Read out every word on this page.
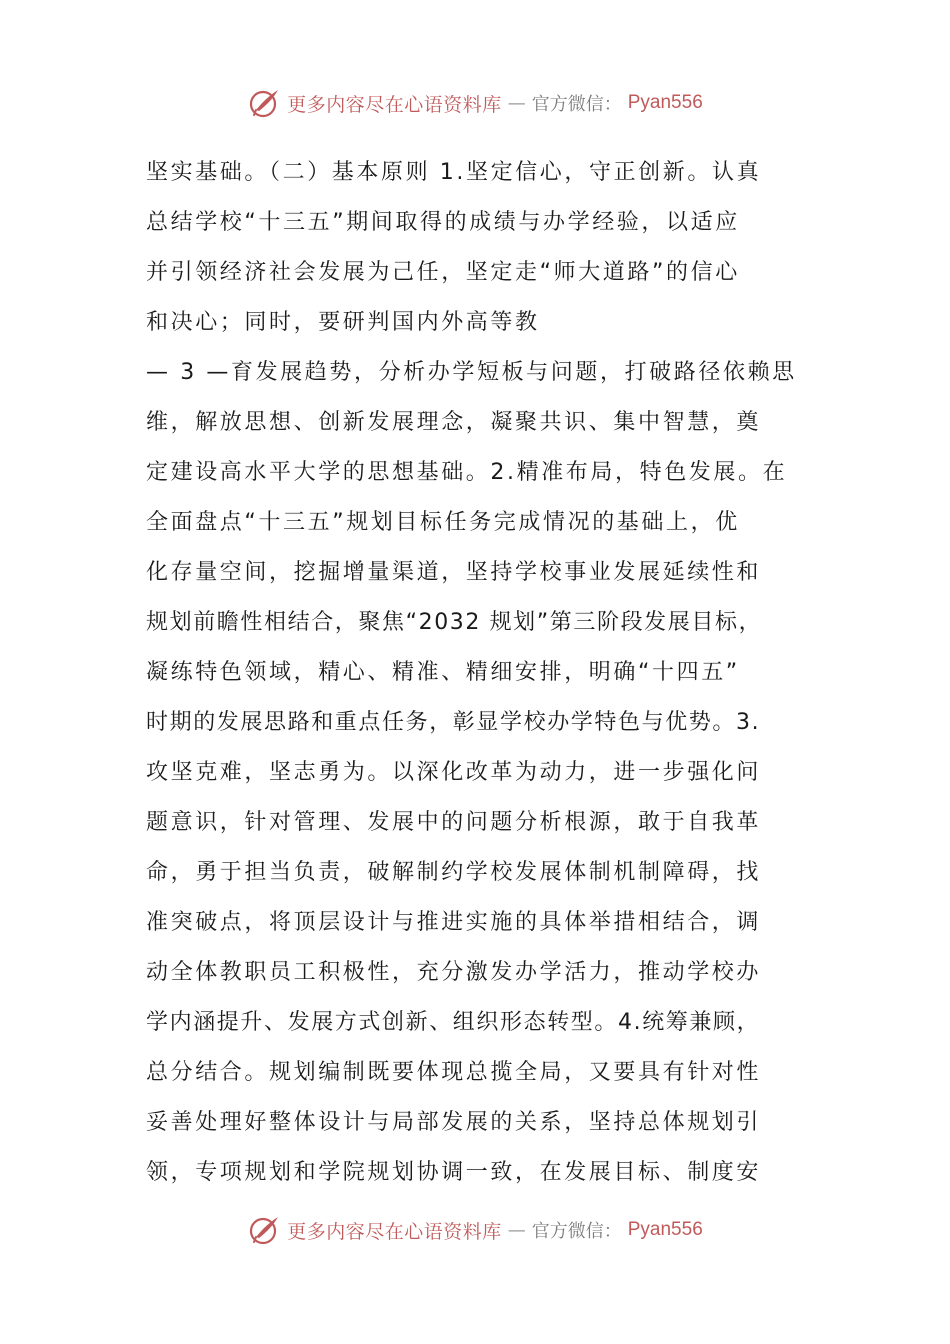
更多内容尽在心语资料库 — 官方微信： Pyan556
坚实基础。（二）基本原则 1.坚定信心，守正创新。认真
总结学校“十三五”期间取得的成绩与办学经验，以适应
并引领经济社会发展为己任，坚定走“师大道路”的信心
和决心；同时，要研判国内外高等教
— 3 —育发展趋势，分析办学短板与问题，打破路径依赖思
维，解放思想、创新发展理念，凝聚共识、集中智慧，奠
定建设高水平大学的思想基础。2.精准布局，特色发展。在
全面盘点“十三五”规划目标任务完成情况的基础上，优
化存量空间，挖掘增量渠道，坚持学校事业发展延续性和
规划前瞻性相结合，聚焦“2032 规划”第三阶段发展目标，
凝练特色领域，精心、精准、精细安排，明确“十四五”
时期的发展思路和重点任务，彰显学校办学特色与优势。3.
攻坚克难，坚志勇为。以深化改革为动力，进一步强化问
题意识，针对管理、发展中的问题分析根源，敢于自我革
命，勇于担当负责，破解制约学校发展体制机制障碍，找
准突破点，将顶层设计与推进实施的具体举措相结合，调
动全体教职员工积极性，充分激发办学活力，推动学校办
学内涵提升、发展方式创新、组织形态转型。4.统筹兼顾，
总分结合。规划编制既要体现总揽全局，又要具有针对性
妥善处理好整体设计与局部发展的关系，坚持总体规划引
领，专项规划和学院规划协调一致，在发展目标、制度安
更多内容尽在心语资料库 — 官方微信： Pyan556
